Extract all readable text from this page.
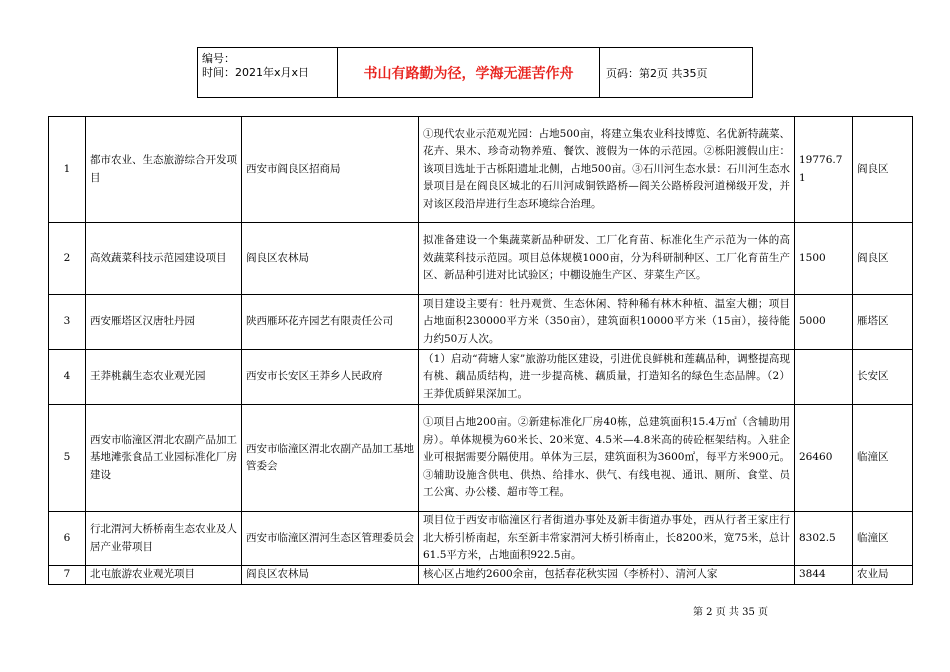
编号：
时间：2021年x月x日	书山有路勤为径，学海无涯苦作舟	页码：第2页 共35页
1	都市农业、生态旅游综合开发项目	西安市阎良区招商局	①现代农业示范观光园：占地500亩，将建立集农业科技博览、名优新特蔬菜、花卉、果木、珍奇动物养殖、餐饮、渡假为一体的示范园。②栎阳渡假山庄：该项目选址于古栎阳遗址北侧，占地500亩。③石川河生态水景：石川河生态水景项目是在阎良区城北的石川河咸铜铁路桥—阎关公路桥段河道梯级开发，并对该区段沿岸进行生态环境综合治理。	19776.71	阎良区
2	高效蔬菜科技示范园建设项目	阎良区农林局	拟准备建设一个集蔬菜新品种研发、工厂化育苗、标准化生产示范为一体的高效蔬菜科技示范园。项目总体规模1000亩，分为科研制种区、工厂化育苗生产区、新品种引进对比试验区；中棚设施生产区、芽菜生产区。	1500	阎良区
3	西安雁塔区汉唐牡丹园	陕西雁环花卉园艺有限责任公司	项目建设主要有：牡丹观赏、生态休闲、特种稀有林木种植、温室大棚；项目占地面积230000平方米（350亩），建筑面积10000平方米（15亩），接待能力约50万人次。	5000	雁塔区
4	王莽桃藕生态农业观光园	西安市长安区王莽乡人民政府	（1）启动“荷塘人家”旅游功能区建设，引进优良鲜桃和莲藕品种，调整提高现有桃、藕品质结构，进一步提高桃、藕质量，打造知名的绿色生态品牌。（2）王莽优质鲜果深加工。		长安区
5	西安市临潼区渭北农副产品加工基地滩张食品工业园标准化厂房建设	西安市临潼区渭北农副产品加工基地管委会	①项目占地200亩。②新建标准化厂房40栋，总建筑面积15.4万㎡（含辅助用房）。单体规模为60米长、20米宽、4.5米—4.8米高的砖砼框架结构。入驻企业可根据需要分隔使用。单体为三层，建筑面积为3600㎡，每平方米900元。③辅助设施含供电、供热、给排水、供气、有线电视、通讯、厕所、食堂、员工公寓、办公楼、超市等工程。	26460	临潼区
6	行北渭河大桥桥南生态农业及人居产业带项目	西安市临潼区渭河生态区管理委员会	项目位于西安市临潼区行者街道办事处及新丰街道办事处，西从行者王家庄行北大桥引桥南起，东至新丰常家渭河大桥引桥南止，长8200米，宽75米，总计61.5平方米，占地面积922.5亩。	8302.5	临潼区
7	北屯旅游农业观光项目	阎良区农林局	核心区占地约2600余亩，包括春花秋实园（李桥村）、清河人家	3844	农业局
第 2 页 共 35 页
